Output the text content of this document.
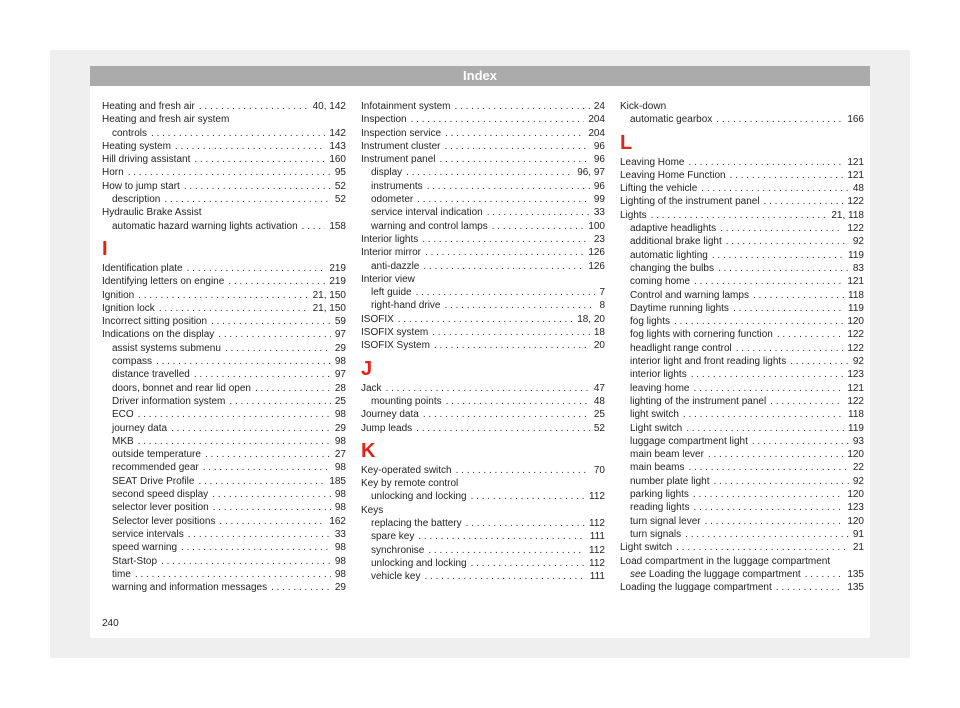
Index
Heating and fresh air . . .	40, 142
Heating and fresh air system
controls . . .	142
Heating system . . .	143
Hill driving assistant . . .	160
Horn . . .	95
How to jump start . . .	52
description . . .	52
Hydraulic Brake Assist
automatic hazard warning lights activation . . .	158
I
Identification plate . . .	219
Identifying letters on engine . . .	219
Ignition . . .	21, 150
Ignition lock . . .	21, 150
Incorrect sitting position . . .	59
Indications on the display . . .	97
assist systems submenu . . .	29
compass . . .	98
distance travelled . . .	97
doors, bonnet and rear lid open . . .	28
Driver information system . . .	25
ECO . . .	98
journey data . . .	29
MKB . . .	98
outside temperature . . .	27
recommended gear . . .	98
SEAT Drive Profile . . .	185
second speed display . . .	98
selector lever position . . .	98
Selector lever positions . . .	162
service intervals . . .	33
speed warning . . .	98
Start-Stop . . .	98
time . . .	98
warning and information messages . . .	29
Infotainment system . . .	24
Inspection . . .	204
Inspection service . . .	204
Instrument cluster . . .	96
Instrument panel . . .	96
display . . .	96, 97
instruments . . .	96
odometer . . .	99
service interval indication . . .	33
warning and control lamps . . .	100
Interior lights . . .	23
Interior mirror . . .	126
anti-dazzle . . .	126
Interior view
left guide . . .	7
right-hand drive . . .	8
ISOFIX . . .	18, 20
ISOFIX system . . .	18
ISOFIX System . . .	20
J
Jack . . .	47
mounting points . . .	48
Journey data . . .	25
Jump leads . . .	52
K
Key-operated switch . . .	70
Key by remote control
unlocking and locking . . .	112
Keys
replacing the battery . . .	112
spare key . . .	111
synchronise . . .	112
unlocking and locking . . .	112
vehicle key . . .	111
Kick-down
automatic gearbox . . .	166
L
Leaving Home . . .	121
Leaving Home Function . . .	121
Lifting the vehicle . . .	48
Lighting of the instrument panel . . .	122
Lights . . .	21, 118
adaptive headlights . . .	122
additional brake light . . .	92
automatic lighting . . .	119
changing the bulbs . . .	83
coming home . . .	121
Control and warning lamps . . .	118
Daytime running lights . . .	119
fog lights . . .	120
fog lights with cornering function . . .	122
headlight range control . . .	122
interior light and front reading lights . . .	92
interior lights . . .	123
leaving home . . .	121
lighting of the instrument panel . . .	122
light switch . . .	118
Light switch . . .	119
luggage compartment light . . .	93
main beam lever . . .	120
main beams . . .	22
number plate light . . .	92
parking lights . . .	120
reading lights . . .	123
turn signal lever . . .	120
turn signals . . .	91
Light switch . . .	21
Load compartment in the luggage compartment
see Loading the luggage compartment . . .	135
Loading the luggage compartment . . .	135
240
